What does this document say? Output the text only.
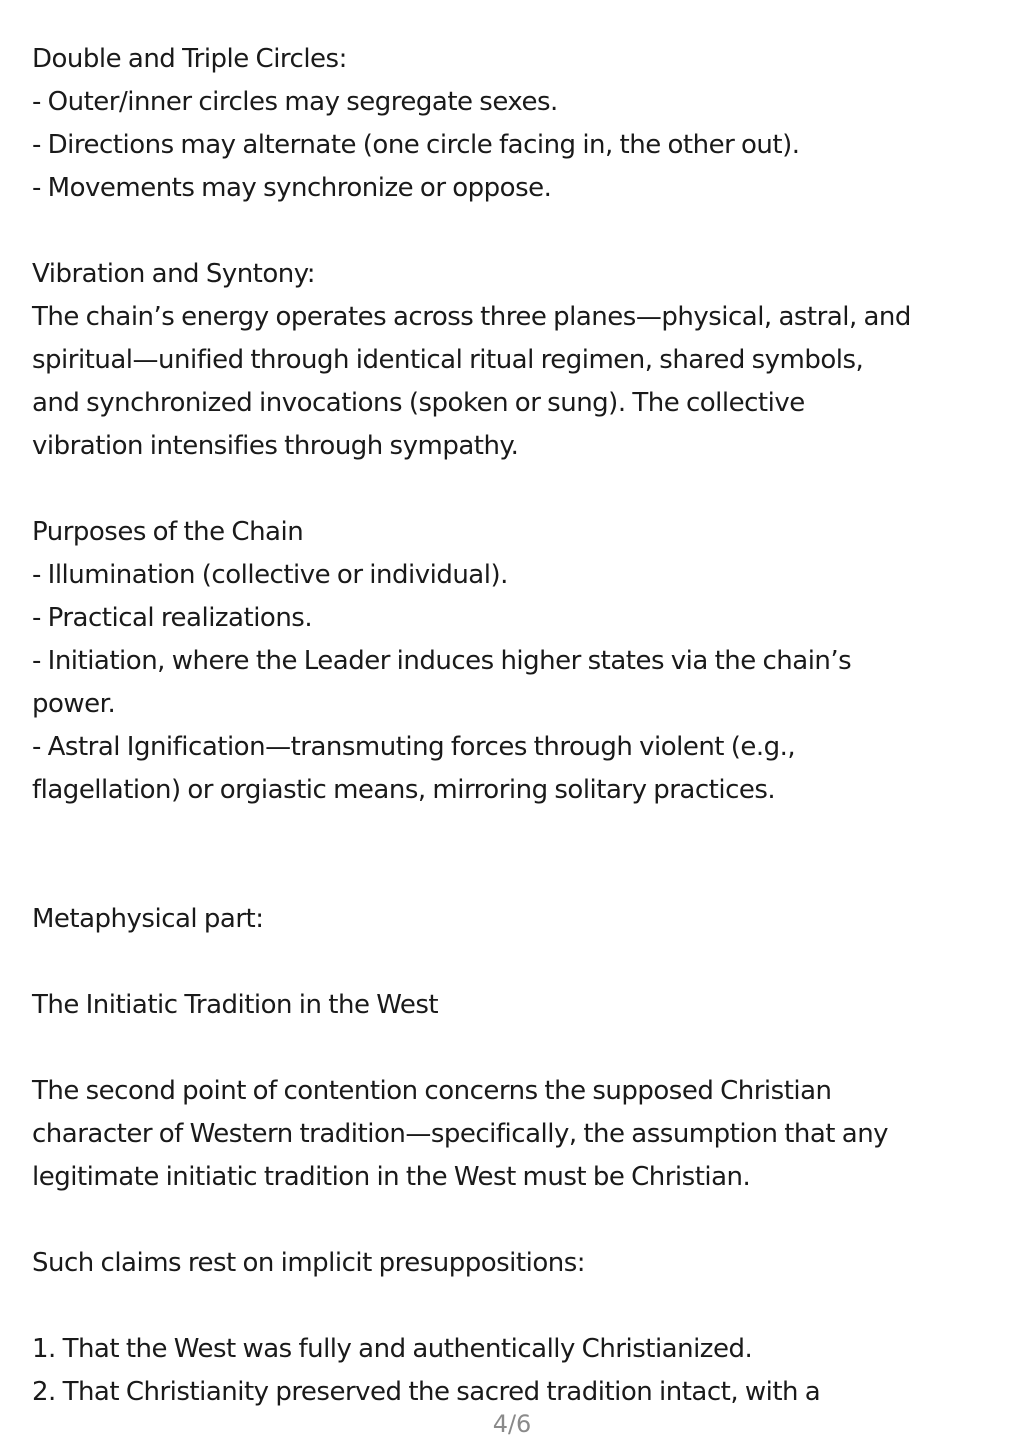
Double and Triple Circles:
- Outer/inner circles may segregate sexes.
- Directions may alternate (one circle facing in, the other out).
- Movements may synchronize or oppose.
Vibration and Syntony:
The chain’s energy operates across three planes—physical, astral, and
spiritual—unified through identical ritual regimen, shared symbols,
and synchronized invocations (spoken or sung). The collective
vibration intensifies through sympathy.
Purposes of the Chain
- Illumination (collective or individual).
- Practical realizations.
- Initiation, where the Leader induces higher states via the chain’s
power.
- Astral Ignification—transmuting forces through violent (e.g.,
flagellation) or orgiastic means, mirroring solitary practices.
Metaphysical part:
The Initiatic Tradition in the West
The second point of contention concerns the supposed Christian
character of Western tradition—specifically, the assumption that any
legitimate initiatic tradition in the West must be Christian.
Such claims rest on implicit presuppositions:
1. That the West was fully and authentically Christianized.
2. That Christianity preserved the sacred tradition intact, with a
4/6
